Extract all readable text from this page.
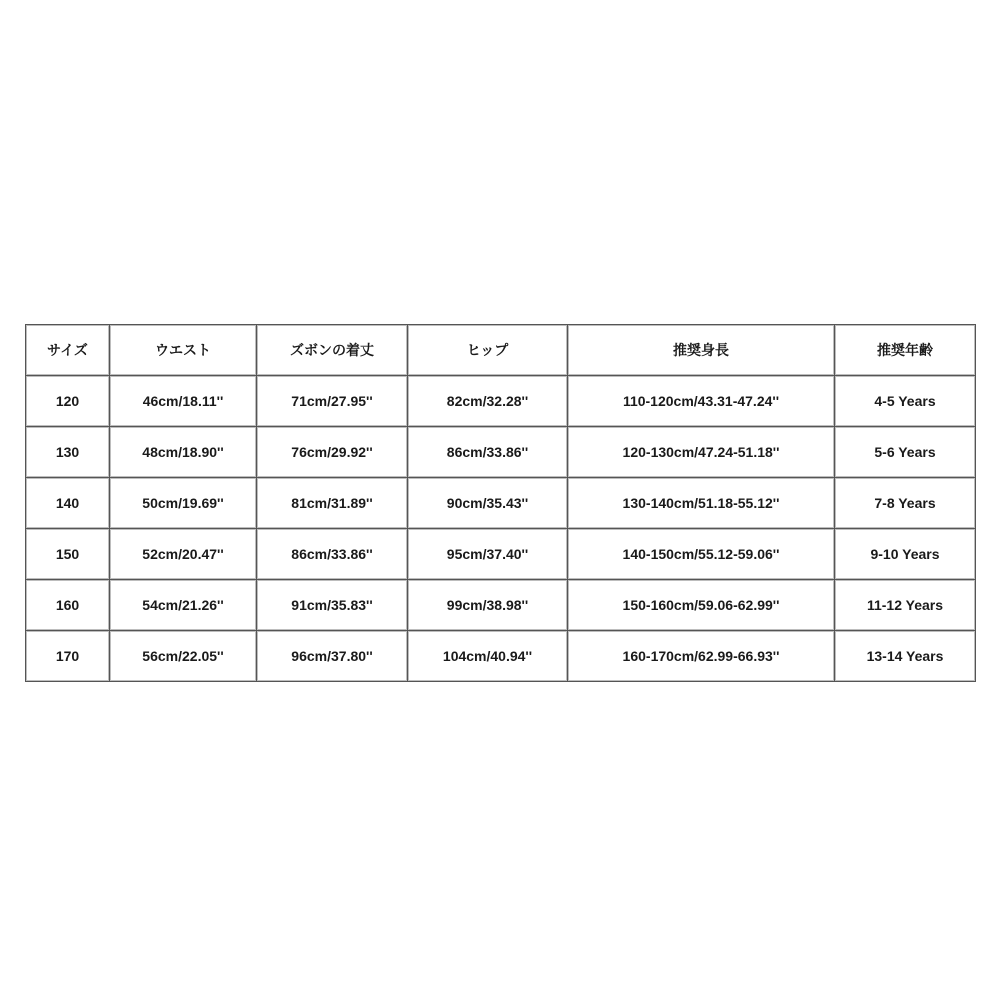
サイズ	ウエスト	ズボンの着丈	ヒップ	推奨身長	推奨年齢
120	46cm/18.11''	71cm/27.95''	82cm/32.28''	110-120cm/43.31-47.24''	4-5 Years
130	48cm/18.90''	76cm/29.92''	86cm/33.86''	120-130cm/47.24-51.18''	5-6 Years
140	50cm/19.69''	81cm/31.89''	90cm/35.43''	130-140cm/51.18-55.12''	7-8 Years
150	52cm/20.47''	86cm/33.86''	95cm/37.40''	140-150cm/55.12-59.06''	9-10 Years
160	54cm/21.26''	91cm/35.83''	99cm/38.98''	150-160cm/59.06-62.99''	11-12 Years
170	56cm/22.05''	96cm/37.80''	104cm/40.94''	160-170cm/62.99-66.93''	13-14 Years
